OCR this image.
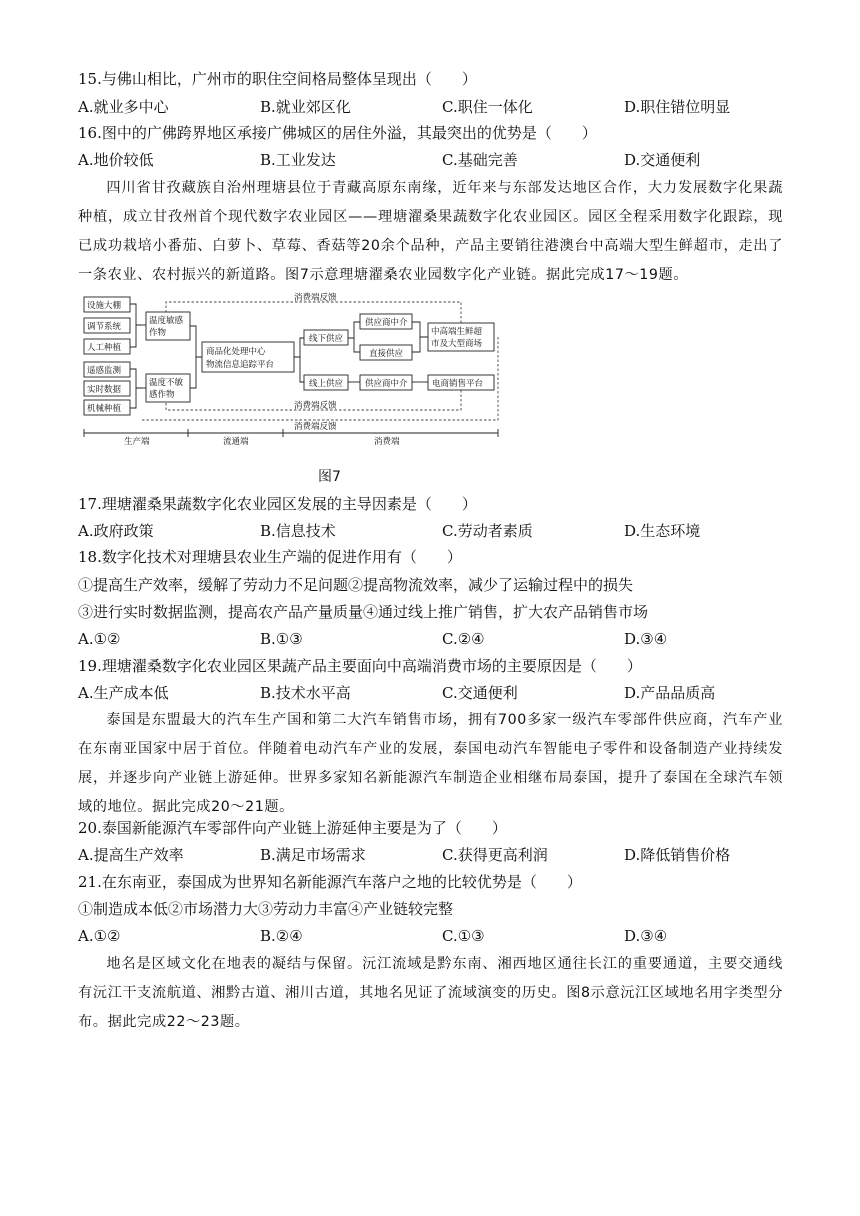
15.与佛山相比，广州市的职住空间格局整体呈现出（　　）
A.就业多中心	B.就业郊区化	C.职住一体化	D.职住错位明显
16.图中的广佛跨界地区承接广佛城区的居住外溢，其最突出的优势是（　　）
A.地价较低	B.工业发达	C.基础完善	D.交通便利
四川省甘孜藏族自治州理塘县位于青藏高原东南缘，近年来与东部发达地区合作，大力发展数字化果蔬种植，成立甘孜州首个现代数字农业园区——理塘濯桑果蔬数字化农业园区。园区全程采用数字化跟踪，现已成功栽培小番茄、白萝卜、草莓、香菇等20余个品种，产品主要销往港澳台中高端大型生鲜超市，走出了一条农业、农村振兴的新道路。图7示意理塘濯桑农业园数字化产业链。据此完成17～19题。
设施大棚
调节系统
人工种植
遥感监测
实时数据
机械种植
温度敏感
作物
温度不敏
感作物
商品化处理中心
物流信息追踪平台
线下供应
线上供应
供应商中介
直接供应
供应商中介
中高端生鲜超
市及大型商场
电商销售平台
消费端反馈
消费端反馈
消费端反馈
生产端	流通端	消费端
图7
17.理塘濯桑果蔬数字化农业园区发展的主导因素是（　　）
A.政府政策	B.信息技术	C.劳动者素质	D.生态环境
18.数字化技术对理塘县农业生产端的促进作用有（　　）
①提高生产效率，缓解了劳动力不足问题②提高物流效率，减少了运输过程中的损失
③进行实时数据监测，提高农产品产量质量④通过线上推广销售，扩大农产品销售市场
A.①②	B.①③	C.②④	D.③④
19.理塘濯桑数字化农业园区果蔬产品主要面向中高端消费市场的主要原因是（　　）
A.生产成本低	B.技术水平高	C.交通便利	D.产品品质高
泰国是东盟最大的汽车生产国和第二大汽车销售市场，拥有700多家一级汽车零部件供应商，汽车产业在东南亚国家中居于首位。伴随着电动汽车产业的发展，泰国电动汽车智能电子零件和设备制造产业持续发展，并逐步向产业链上游延伸。世界多家知名新能源汽车制造企业相继布局泰国，提升了泰国在全球汽车领域的地位。据此完成20～21题。
20.泰国新能源汽车零部件向产业链上游延伸主要是为了（　　）
A.提高生产效率	B.满足市场需求	C.获得更高利润	D.降低销售价格
21.在东南亚，泰国成为世界知名新能源汽车落户之地的比较优势是（　　）
①制造成本低②市场潜力大③劳动力丰富④产业链较完整
A.①②	B.②④	C.①③	D.③④
地名是区域文化在地表的凝结与保留。沅江流域是黔东南、湘西地区通往长江的重要通道，主要交通线有沅江干支流航道、湘黔古道、湘川古道，其地名见证了流域演变的历史。图8示意沅江区域地名用字类型分布。据此完成22～23题。
